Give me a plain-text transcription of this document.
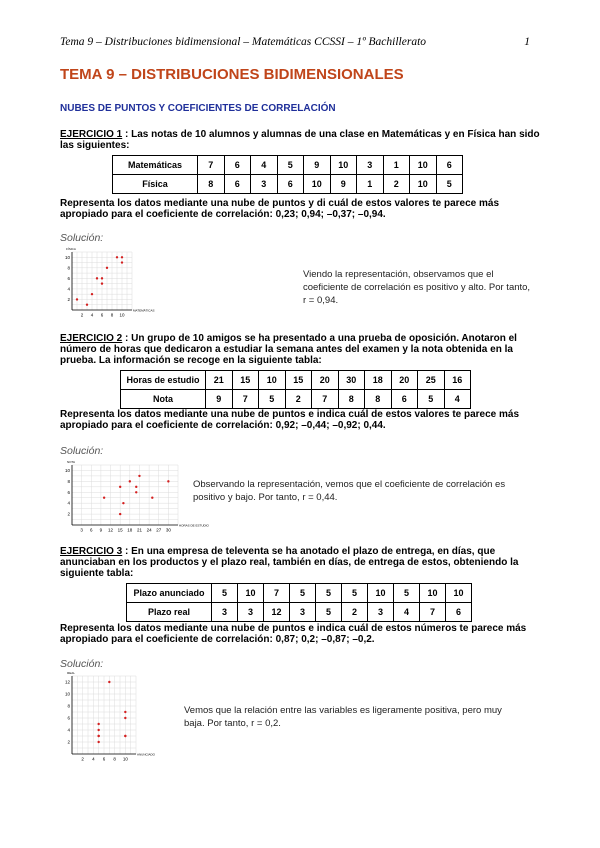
Tema 9 – Distribuciones bidimensional – Matemáticas CCSSI – 1º Bachillerato	1
TEMA 9 – DISTRIBUCIONES BIDIMENSIONALES
NUBES DE PUNTOS Y COEFICIENTES DE CORRELACIÓN
EJERCICIO 1 : Las notas de 10 alumnos y alumnas de una clase en Matemáticas y en Física han sido las siguientes:
Matemáticas	7	6	4	5	9	10	3	1	10	6
Física	8	6	3	6	10	9	1	2	10	5
Representa los datos mediante una nube de puntos y di cuál de estos valores te parece más apropiado para el coeficiente de correlación: 0,23; 0,94; –0,37; –0,94.
Solución:
2 4 6 8 10
2
4
6
8
10
MATEMÁTICAS
FÍSICA
Viendo la representación, observamos que el coeficiente de correlación es positivo y alto. Por tanto, r = 0,94.
EJERCICIO 2 : Un grupo de 10 amigos se ha presentado a una prueba de oposición. Anotaron el número de horas que dedicaron a estudiar la semana antes del examen y la nota obtenida en la prueba. La información se recoge en la siguiente tabla:
Horas de estudio	21	15	10	15	20	30	18	20	25	16
Nota	9	7	5	2	7	8	8	6	5	4
Representa los datos mediante una nube de puntos e indica cuál de estos valores te parece más apropiado para el coeficiente de correlación: 0,92; –0,44; –0,92; 0,44.
Solución:
3 6 9 12 15 18 21 24 27 30
2
4
6
8
10
HORAS DE ESTUDIO
NOTA
Observando la representación, vemos que el coeficiente de correlación es positivo y bajo. Por tanto, r = 0,44.
EJERCICIO 3 : En una empresa de televenta se ha anotado el plazo de entrega, en días, que anunciaban en los productos y el plazo real, también en días, de entrega de estos, obteniendo la siguiente tabla:
Plazo anunciado	5	10	7	5	5	5	10	5	10	10
Plazo real	3	3	12	3	5	2	3	4	7	6
Representa los datos mediante una nube de puntos e indica cuál de estos números te parece más apropiado para el coeficiente de correlación: 0,87; 0,2; –0,87; –0,2.
Solución:
2 4 6 8 10
2
4
6
8
10
12
ANUNCIADO
REAL
Vemos que la relación entre las variables es ligeramente positiva, pero muy baja. Por tanto, r = 0,2.
